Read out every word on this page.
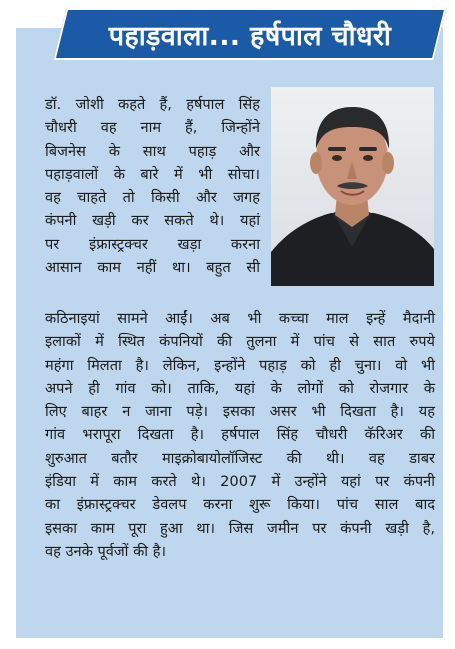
पहाड़वाला... हर्षपाल चौधरी
डॉ. जोशी कहते हैं, हर्षपाल सिंह
चौधरी वह नाम हैं, जिन्होंने
बिजनेस के साथ पहाड़ और
पहाड़वालों के बारे में भी सोचा।
वह चाहते तो किसी और जगह
कंपनी खड़ी कर सकते थे। यहां
पर इंफ्रास्ट्रक्चर खड़ा करना
आसान काम नहीं था। बहुत सी
कठिनाइयां सामने आईं। अब भी कच्चा माल इन्हें मैदानी
इलाकों में स्थित कंपनियों की तुलना में पांच से सात रुपये
महंगा मिलता है। लेकिन, इन्होंने पहाड़ को ही चुना। वो भी
अपने ही गांव को। ताकि, यहां के लोगों को रोजगार के
लिए बाहर न जाना पड़े। इसका असर भी दिखता है। यह
गांव भरापूरा दिखता है। हर्षपाल सिंह चौधरी कॅरिअर की
शुरुआत बतौर माइक्रोबायोलॉजिस्ट की थी। वह डाबर
इंडिया में काम करते थे। 2007 में उन्होंने यहां पर कंपनी
का इंफ्रास्ट्रक्चर डेवलप करना शुरू किया। पांच साल बाद
इसका काम पूरा हुआ था। जिस जमीन पर कंपनी खड़ी है,
वह उनके पूर्वजों की है।
